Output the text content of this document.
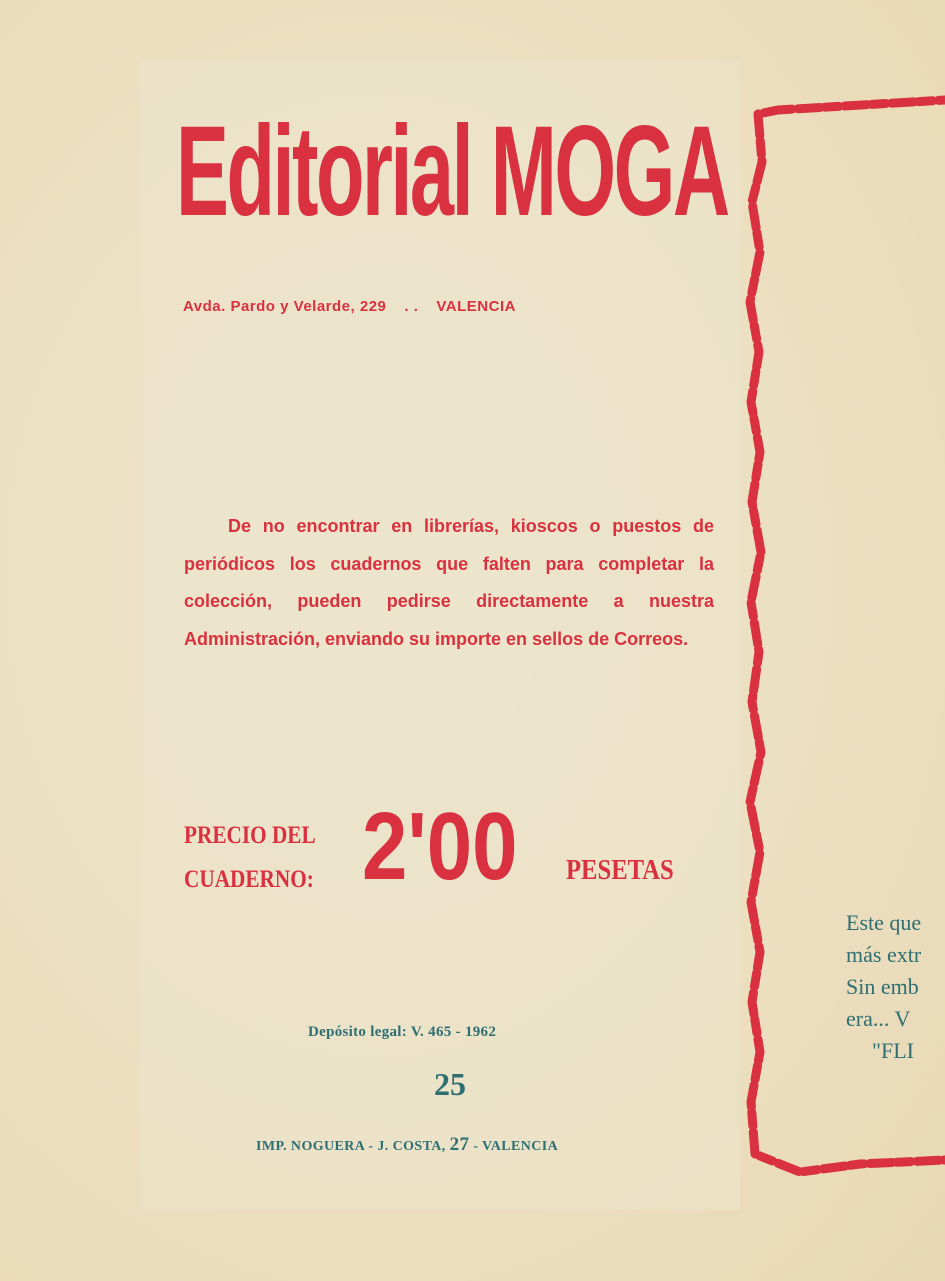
Editorial MOGA
Avda. Pardo y Velarde, 229 . . VALENCIA

De no encontrar en librerías, kioscos o puestos de periódicos los cuadernos que falten para completar la colección, pueden pedirse directamente a nuestra Administración, enviando su importe en sellos de Correos.

PRECIO DEL
CUADERNO: 2'00 PESETAS
Depósito legal: V. 465 - 1962
25
IMP. NOGUERA - J. COSTA, 27 - VALENCIA
Este que
más extr
Sin emb
era... V
"FLI
